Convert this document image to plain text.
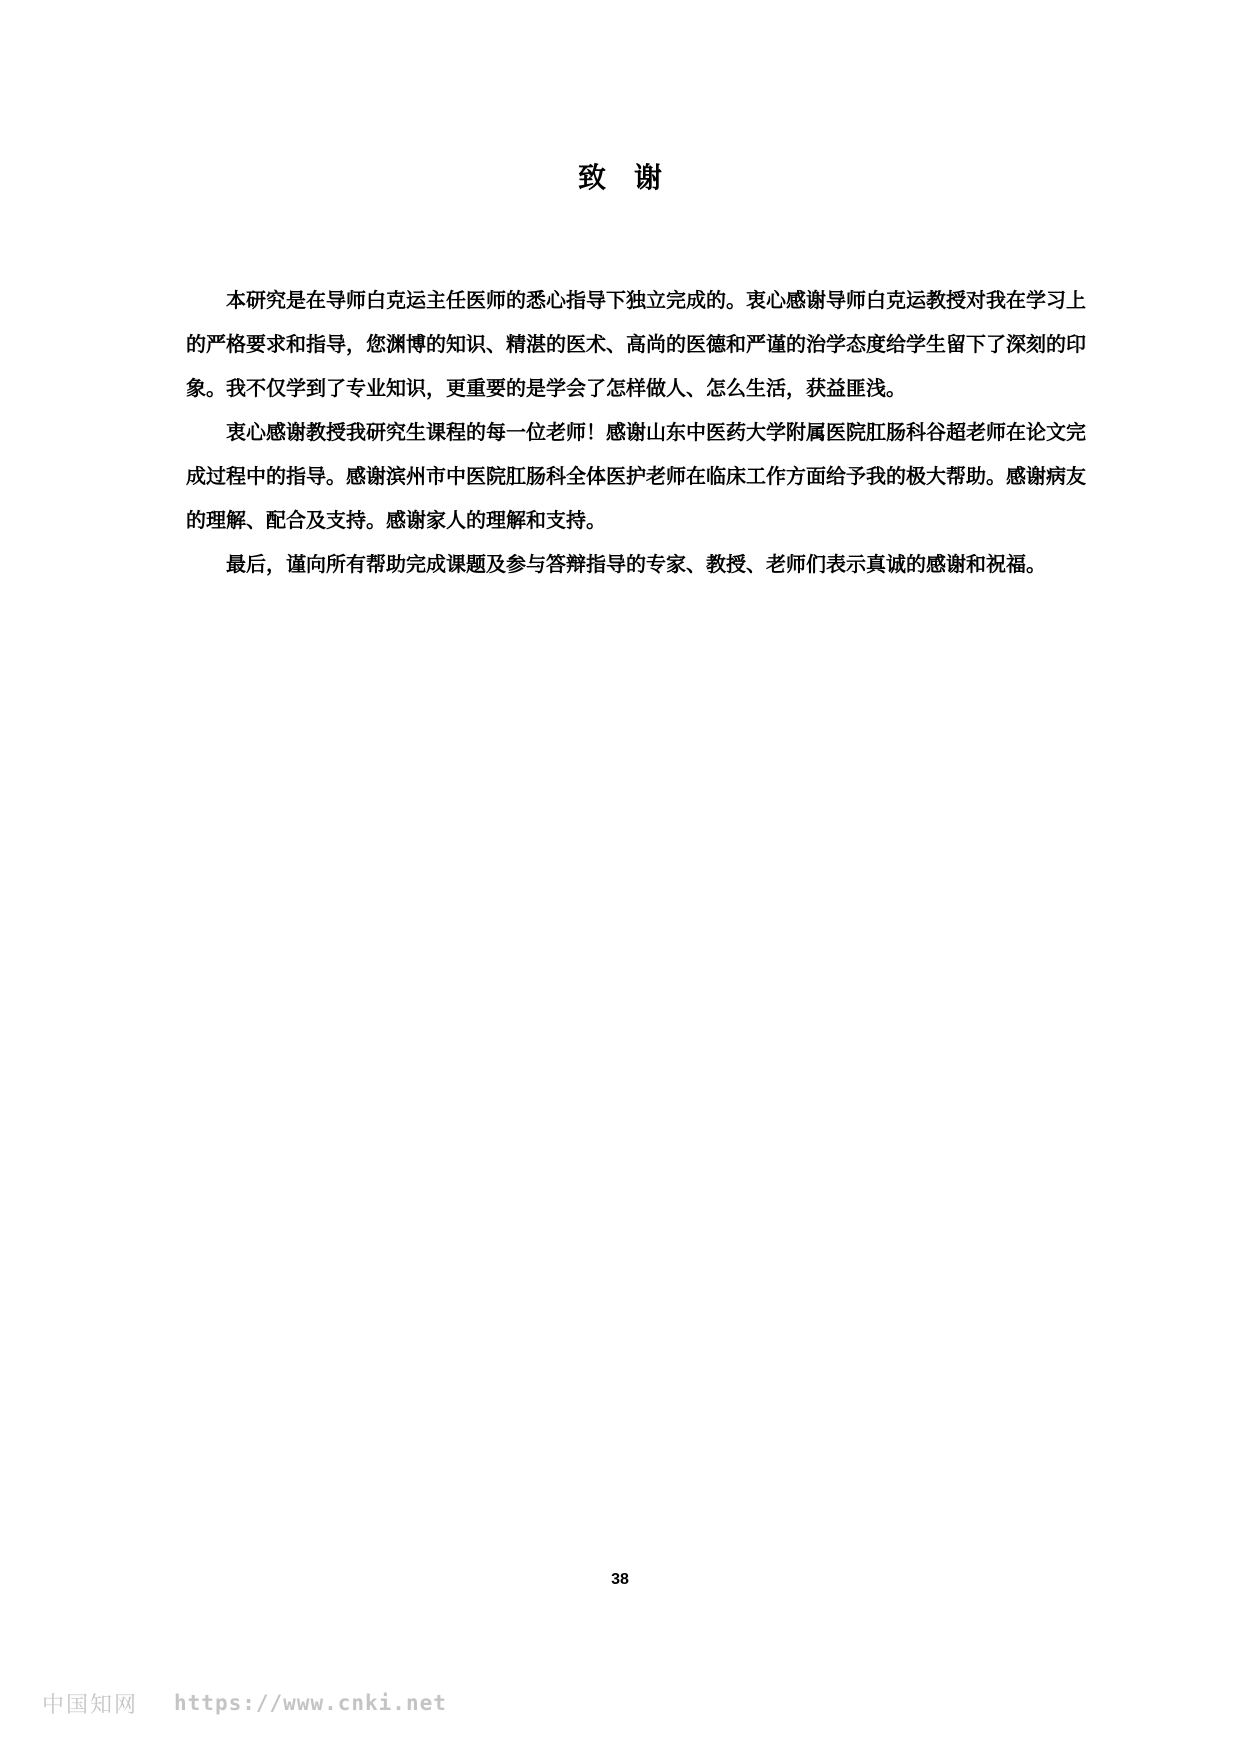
致谢

本研究是在导师白克运主任医师的悉心指导下独立完成的。衷心感谢导师白克运教授对我在学习上的严格要求和指导，您渊博的知识、精湛的医术、高尚的医德和严谨的治学态度给学生留下了深刻的印象。我不仅学到了专业知识，更重要的是学会了怎样做人、怎么生活，获益匪浅。

衷心感谢教授我研究生课程的每一位老师！感谢山东中医药大学附属医院肛肠科谷超老师在论文完成过程中的指导。感谢滨州市中医院肛肠科全体医护老师在临床工作方面给予我的极大帮助。感谢病友的理解、配合及支持。感谢家人的理解和支持。

最后，谨向所有帮助完成课题及参与答辩指导的专家、教授、老师们表示真诚的感谢和祝福。

38
中国知网 https://www.cnki.net
